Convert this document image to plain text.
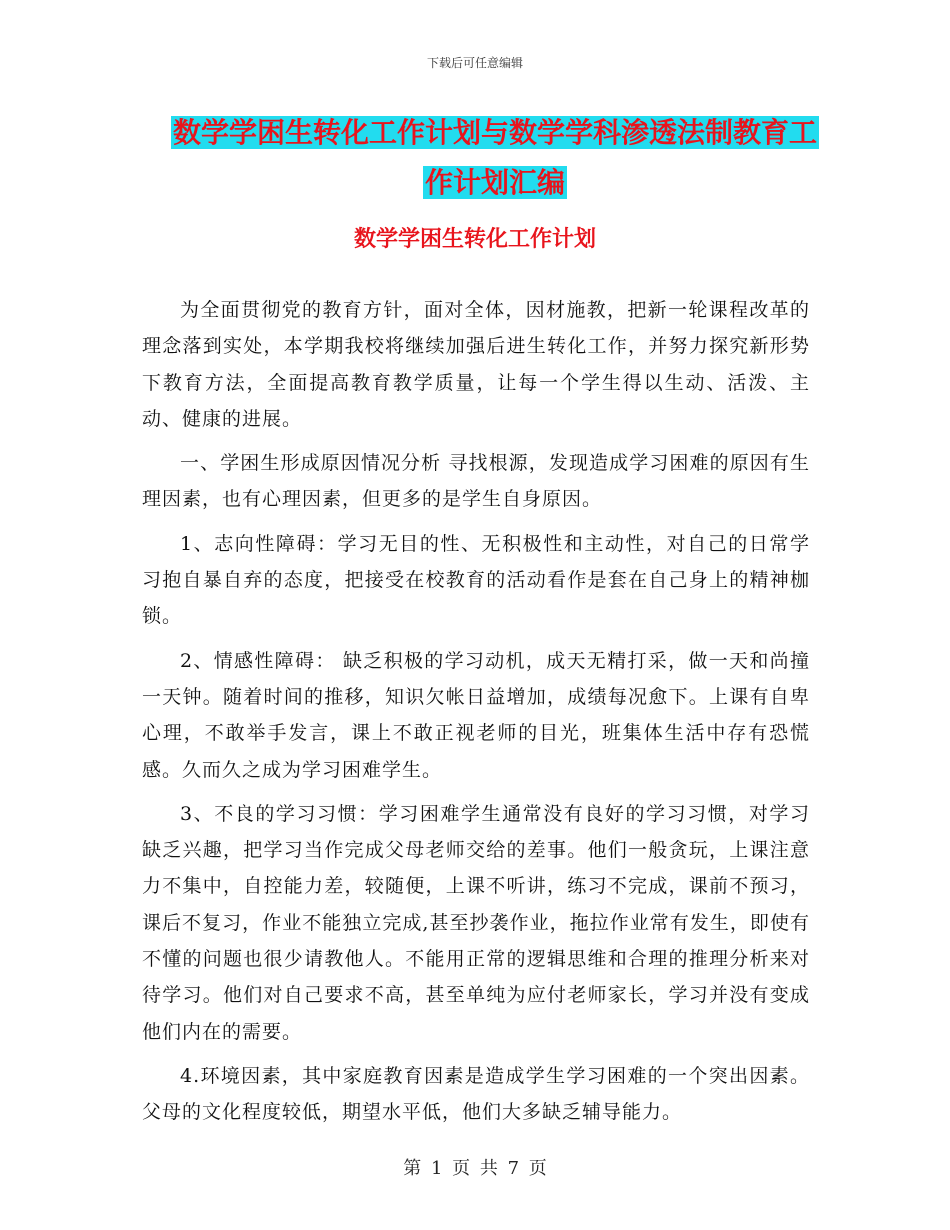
下载后可任意编辑
数学学困生转化工作计划与数学学科渗透法制教育工
作计划汇编
数学学困生转化工作计划

为全面贯彻党的教育方针，面对全体，因材施教，把新一轮课程改革的理念落到实处，本学期我校将继续加强后进生转化工作，并努力探究新形势下教育方法，全面提高教育教学质量，让每一个学生得以生动、活泼、主动、健康的进展。

一、学困生形成原因情况分析 寻找根源，发现造成学习困难的原因有生理因素，也有心理因素，但更多的是学生自身原因。

1、志向性障碍：学习无目的性、无积极性和主动性，对自己的日常学习抱自暴自弃的态度，把接受在校教育的活动看作是套在自己身上的精神枷锁。

2、情感性障碍： 缺乏积极的学习动机，成天无精打采，做一天和尚撞一天钟。随着时间的推移，知识欠帐日益增加，成绩每况愈下。上课有自卑心理，不敢举手发言，课上不敢正视老师的目光，班集体生活中存有恐慌感。久而久之成为学习困难学生。

3、不良的学习习惯：学习困难学生通常没有良好的学习习惯，对学习缺乏兴趣，把学习当作完成父母老师交给的差事。他们一般贪玩，上课注意力不集中，自控能力差，较随便，上课不听讲，练习不完成，课前不预习，课后不复习，作业不能独立完成,甚至抄袭作业，拖拉作业常有发生，即使有不懂的问题也很少请教他人。不能用正常的逻辑思维和合理的推理分析来对待学习。他们对自己要求不高，甚至单纯为应付老师家长，学习并没有变成他们内在的需要。

4.环境因素，其中家庭教育因素是造成学生学习困难的一个突出因素。父母的文化程度较低，期望水平低，他们大多缺乏辅导能力。

第 1 页 共 7 页
